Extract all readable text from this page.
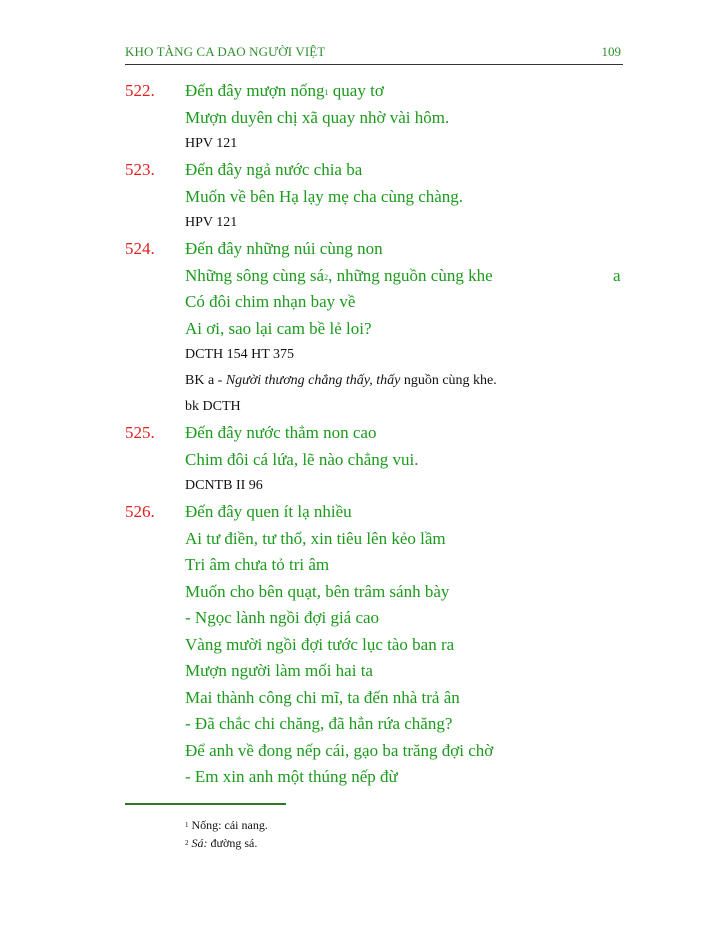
KHO TÀNG CA DAO NGƯỜI VIỆT	109
522. Đến đây mượn nống$^1$ quay tơ
Mượn duyên chị xã quay nhờ vài hôm.
HPV 121
523. Đến đây ngả nước chia ba
Muốn về bên Hạ lạy mẹ cha cùng chàng.
HPV 121
524. Đến đây những núi cùng non
Những sông cùng $sá^2$, những nguồn cùng khe	a
Có đôi chim nhạn bay về
Ai ơi, sao lại cam bề lẻ loi?
DCTH 154 HT 375
BK a - Người thương chẳng thấy, thấy nguồn cùng khe.
bk DCTH
525. Đến đây nước thẳm non cao
Chim đôi cá lứa, lẽ nào chẳng vui.
DCNTB II 96
526. Đến đây quen ít lạ nhiều
Ai tư điền, tư thổ, xin tiêu lên kẻo lầm
Tri âm chưa tỏ tri âm
Muốn cho bên quạt, bên trâm sánh bày
- Ngọc lành ngồi đợi giá cao
Vàng mười ngồi đợi tước lục tào ban ra
Mượn người làm mối hai ta
Mai thành công chi mĩ, ta đến nhà trả ân
- Đã chắc chi chăng, đã hẳn rứa chăng?
Để anh về đong nếp cái, gạo ba trăng đợi chờ
- Em xin anh một thúng nếp đừ
$^1$ Nống: cái nang.
$^2$ Sá: đường sá.
